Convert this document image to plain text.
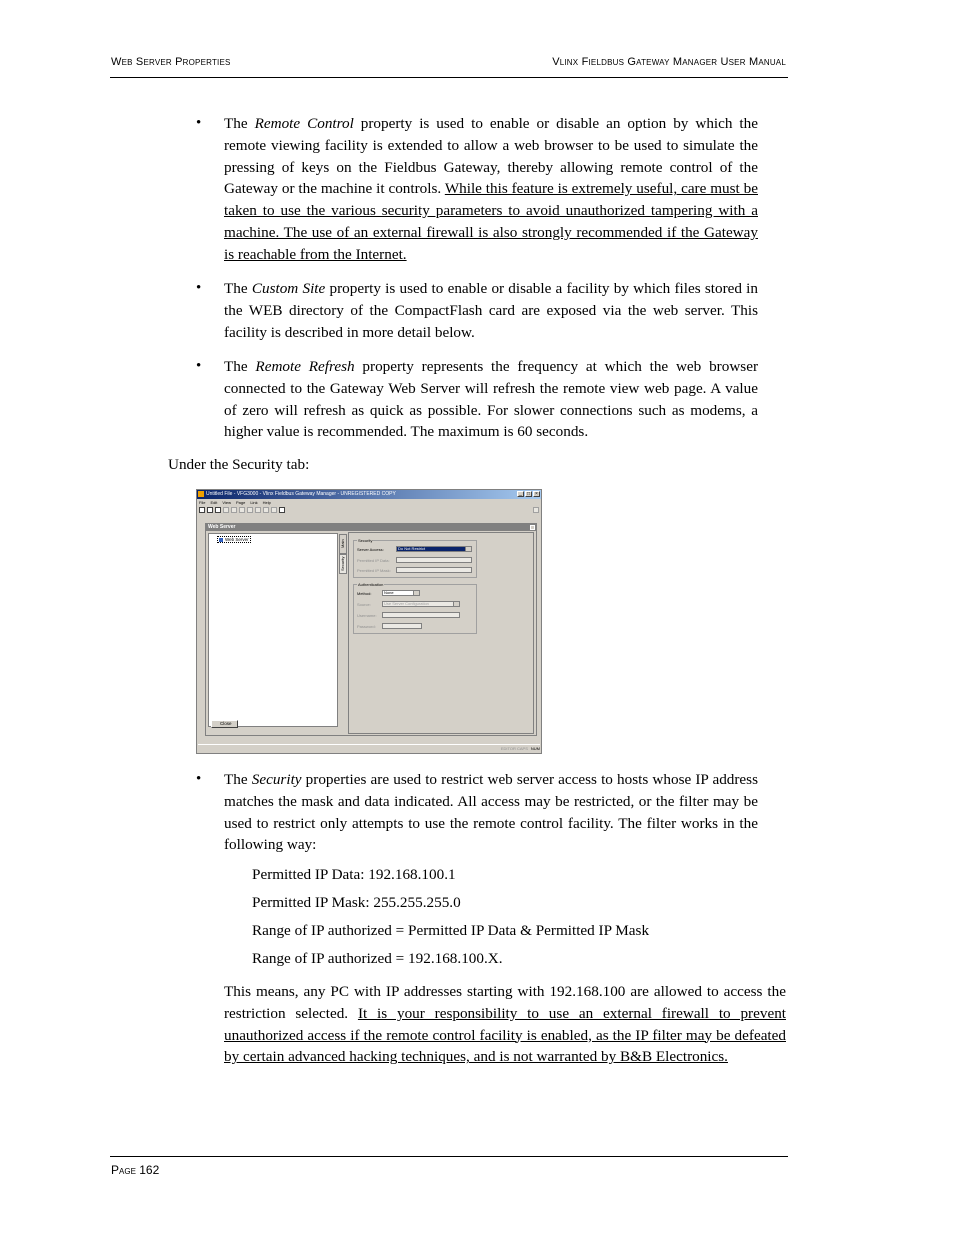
Web Server Properties	Vlinx Fieldbus Gateway Manager User Manual
• The Remote Control property is used to enable or disable an option by which the remote viewing facility is extended to allow a web browser to be used to simulate the pressing of keys on the Fieldbus Gateway, thereby allowing remote control of the Gateway or the machine it controls. While this feature is extremely useful, care must be taken to use the various security parameters to avoid unauthorized tampering with a machine. The use of an external firewall is also strongly recommended if the Gateway is reachable from the Internet.
• The Custom Site property is used to enable or disable a facility by which files stored in the WEB directory of the CompactFlash card are exposed via the web server. This facility is described in more detail below.
• The Remote Refresh property represents the frequency at which the web browser connected to the Gateway Web Server will refresh the remote view web page. A value of zero will refresh as quick as possible. For slower connections such as modems, a higher value is recommended. The maximum is 60 seconds.
Under the Security tab:
Untitled File - VFG3000 - Vlinx Fieldbus Gateway Manager - UNREGISTERED COPY	_	□	×
File Edit View Page Link Help
Web Server
Web Server
Close
Main
Security
Security
Server Access:	Do Not Restrict
Permitted IP Data:
Permitted IP Mask:
Authentication
Method:	None
Source:	Use Server Configuration
Username:
Password:
EDITOR CAPS NUM
• The Security properties are used to restrict web server access to hosts whose IP address matches the mask and data indicated. All access may be restricted, or the filter may be used to restrict only attempts to use the remote control facility. The filter works in the following way:
Permitted IP Data: 192.168.100.1
Permitted IP Mask: 255.255.255.0
Range of IP authorized = Permitted IP Data & Permitted IP Mask
Range of IP authorized = 192.168.100.X.
This means, any PC with IP addresses starting with 192.168.100 are allowed to access the restriction selected. It is your responsibility to use an external firewall to prevent unauthorized access if the remote control facility is enabled, as the IP filter may be defeated by certain advanced hacking techniques, and is not warranted by B&B Electronics.
Page 162
